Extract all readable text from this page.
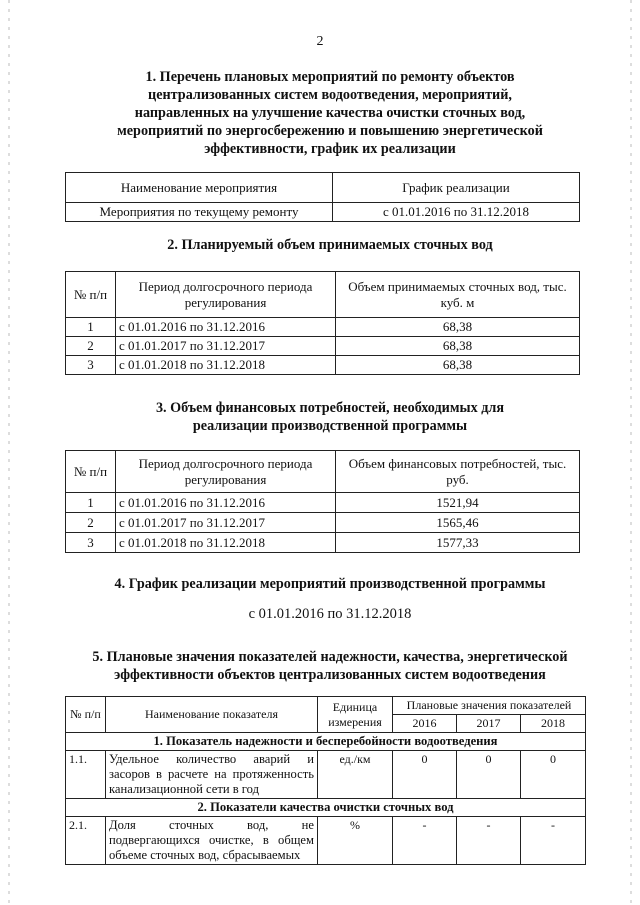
2
1. Перечень плановых мероприятий по ремонту объектов
централизованных систем водоотведения, мероприятий,
направленных на улучшение качества очистки сточных вод,
мероприятий по энергосбережению и повышению энергетической
эффективности, график их реализации
Наименование мероприятия	График реализации
Мероприятия по текущему ремонту	с 01.01.2016 по 31.12.2018
2. Планируемый объем принимаемых сточных вод
№ п/п	Период долгосрочного периода регулирования	Объем принимаемых сточных вод, тыс. куб. м
1	с 01.01.2016 по 31.12.2016	68,38
2	с 01.01.2017 по 31.12.2017	68,38
3	с 01.01.2018 по 31.12.2018	68,38
3. Объем финансовых потребностей, необходимых для
реализации производственной программы
№ п/п	Период долгосрочного периода регулирования	Объем финансовых потребностей, тыс. руб.
1	с 01.01.2016 по 31.12.2016	1521,94
2	с 01.01.2017 по 31.12.2017	1565,46
3	с 01.01.2018 по 31.12.2018	1577,33
4. График реализации мероприятий производственной программы
с 01.01.2016 по 31.12.2018
5. Плановые значения показателей надежности, качества, энергетической
эффективности объектов централизованных систем водоотведения
№ п/п	Наименование показателя	Единица измерения	Плановые значения показателей		
			2016	2017	2018
1. Показатель надежности и бесперебойности водоотведения					
1.1.	Удельное количество аварий и засоров в расчете на протяженность канализационной сети в год	ед./км	0	0	0
2. Показатели качества очистки сточных вод					
2.1.	Доля сточных вод, не подвергающихся очистке, в общем объеме сточных вод, сбрасываемых	%	-	-	-
